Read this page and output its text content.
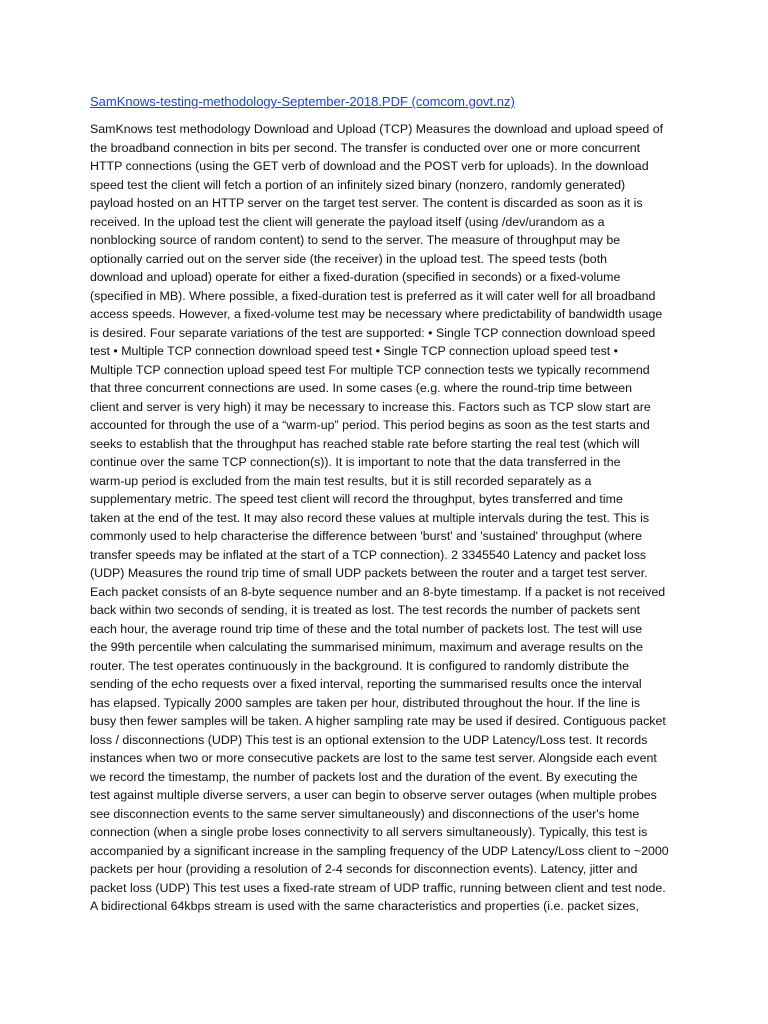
SamKnows-testing-methodology-September-2018.PDF (comcom.govt.nz)
SamKnows test methodology Download and Upload (TCP) Measures the download and upload speed of
the broadband connection in bits per second. The transfer is conducted over one or more concurrent
HTTP connections (using the GET verb of download and the POST verb for uploads). In the download
speed test the client will fetch a portion of an infinitely sized binary (nonzero, randomly generated)
payload hosted on an HTTP server on the target test server. The content is discarded as soon as it is
received. In the upload test the client will generate the payload itself (using /dev/urandom as a
nonblocking source of random content) to send to the server. The measure of throughput may be
optionally carried out on the server side (the receiver) in the upload test. The speed tests (both
download and upload) operate for either a fixed-duration (specified in seconds) or a fixed-volume
(specified in MB). Where possible, a fixed-duration test is preferred as it will cater well for all broadband
access speeds. However, a fixed-volume test may be necessary where predictability of bandwidth usage
is desired. Four separate variations of the test are supported: • Single TCP connection download speed
test • Multiple TCP connection download speed test • Single TCP connection upload speed test •
Multiple TCP connection upload speed test For multiple TCP connection tests we typically recommend
that three concurrent connections are used. In some cases (e.g. where the round-trip time between
client and server is very high) it may be necessary to increase this. Factors such as TCP slow start are
accounted for through the use of a “warm-up” period. This period begins as soon as the test starts and
seeks to establish that the throughput has reached stable rate before starting the real test (which will
continue over the same TCP connection(s)). It is important to note that the data transferred in the
warm-up period is excluded from the main test results, but it is still recorded separately as a
supplementary metric. The speed test client will record the throughput, bytes transferred and time
taken at the end of the test. It may also record these values at multiple intervals during the test. This is
commonly used to help characterise the difference between 'burst' and 'sustained' throughput (where
transfer speeds may be inflated at the start of a TCP connection). 2 3345540 Latency and packet loss
(UDP) Measures the round trip time of small UDP packets between the router and a target test server.
Each packet consists of an 8-byte sequence number and an 8-byte timestamp. If a packet is not received
back within two seconds of sending, it is treated as lost. The test records the number of packets sent
each hour, the average round trip time of these and the total number of packets lost. The test will use
the 99th percentile when calculating the summarised minimum, maximum and average results on the
router. The test operates continuously in the background. It is configured to randomly distribute the
sending of the echo requests over a fixed interval, reporting the summarised results once the interval
has elapsed. Typically 2000 samples are taken per hour, distributed throughout the hour. If the line is
busy then fewer samples will be taken. A higher sampling rate may be used if desired. Contiguous packet
loss / disconnections (UDP) This test is an optional extension to the UDP Latency/Loss test. It records
instances when two or more consecutive packets are lost to the same test server. Alongside each event
we record the timestamp, the number of packets lost and the duration of the event. By executing the
test against multiple diverse servers, a user can begin to observe server outages (when multiple probes
see disconnection events to the same server simultaneously) and disconnections of the user's home
connection (when a single probe loses connectivity to all servers simultaneously). Typically, this test is
accompanied by a significant increase in the sampling frequency of the UDP Latency/Loss client to ~2000
packets per hour (providing a resolution of 2-4 seconds for disconnection events). Latency, jitter and
packet loss (UDP) This test uses a fixed-rate stream of UDP traffic, running between client and test node.
A bidirectional 64kbps stream is used with the same characteristics and properties (i.e. packet sizes,
